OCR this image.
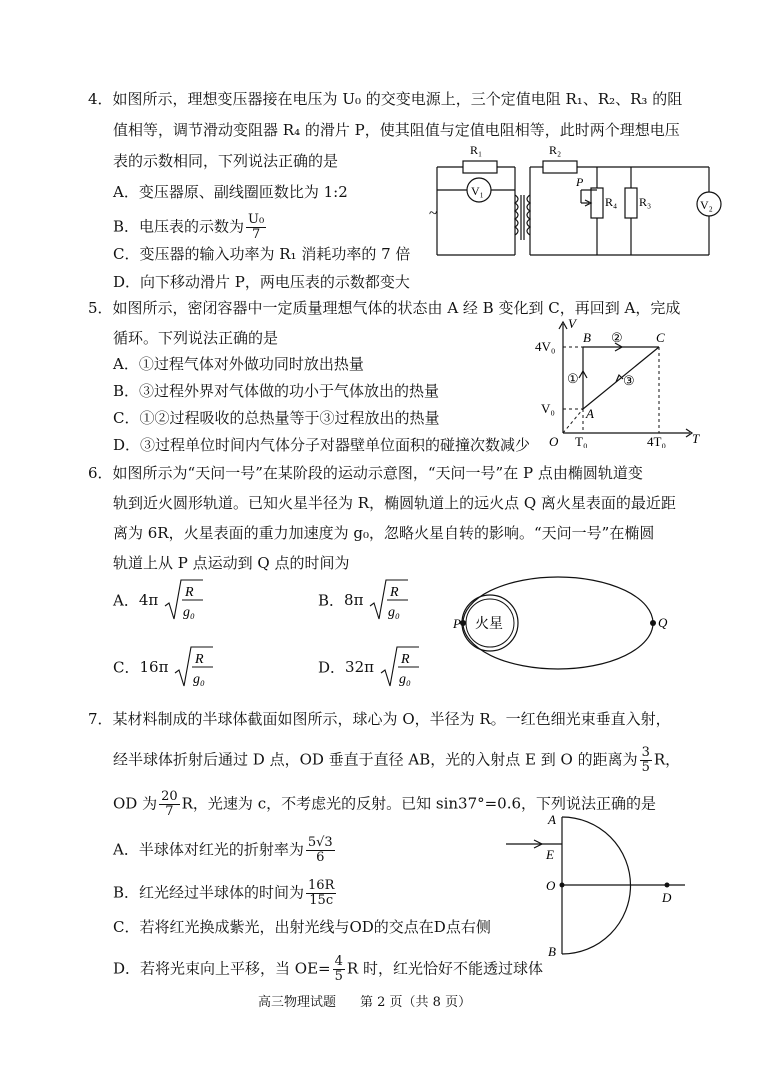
4．如图所示，理想变压器接在电压为 U₀ 的交变电源上，三个定值电阻 R₁、R₂、R₃ 的阻
值相等，调节滑动变阻器 R₄ 的滑片 P，使其阻值与定值电阻相等，此时两个理想电压
表的示数相同，下列说法正确的是
A．变压器原、副线圈匝数比为 1:2
B．电压表的示数为 $\frac{\text{U₀}}{7}$
C．变压器的输入功率为 R₁ 消耗功率的 7 倍
D．向下移动滑片 P，两电压表的示数都变大
~
R₁	R₂
V₁
P
R₄ R₃	V₂
5．如图所示，密闭容器中一定质量理想气体的状态由 A 经 B 变化到 C，再回到 A，完成
循环。下列说法正确的是
A．①过程气体对外做功同时放出热量
B．③过程外界对气体做的功小于气体放出的热量
C．①②过程吸收的总热量等于③过程放出的热量
D．③过程单位时间内气体分子对器壁单位面积的碰撞次数减少
V
T
4V₀
V₀
O T₀	4T₀
A
B	C
①
②
③
6．如图所示为“天问一号”在某阶段的运动示意图，“天问一号”在 P 点由椭圆轨道变
轨到近火圆形轨道。已知火星半径为 R，椭圆轨道上的远火点 Q 离火星表面的最近距
离为 6R，火星表面的重力加速度为 g₀，忽略火星自转的影响。“天问一号”在椭圆
轨道上从 P 点运动到 Q 点的时间为
A．4π R
g₀
B．8π R
g₀
C．16π R
g₀
D．32π R
g₀
火星
P	Q
7．某材料制成的半球体截面如图所示，球心为 O，半径为 R。一红色细光束垂直入射，
经半球体折射后通过 D 点，OD 垂直于直径 AB，光的入射点 E 到 O 的距离为 $\frac{3}{5}$ R，
OD 为 $\frac{20}{7}$ R，光速为 c，不考虑光的反射。已知 sin37°=0.6，下列说法正确的是
A．半球体对红光的折射率为 $\frac{5√3}{6}$
B．红光经过半球体的时间为 $\frac{16R}{15c}$
C．若将红光换成紫光，出射光线与OD的交点在D点右侧
D．若将光束向上平移，当 $OE= \frac{4}{5}$ R 时，红光恰好不能透过球体
A
E
O
B
D
高三物理试题 第 2 页（共 8 页）
